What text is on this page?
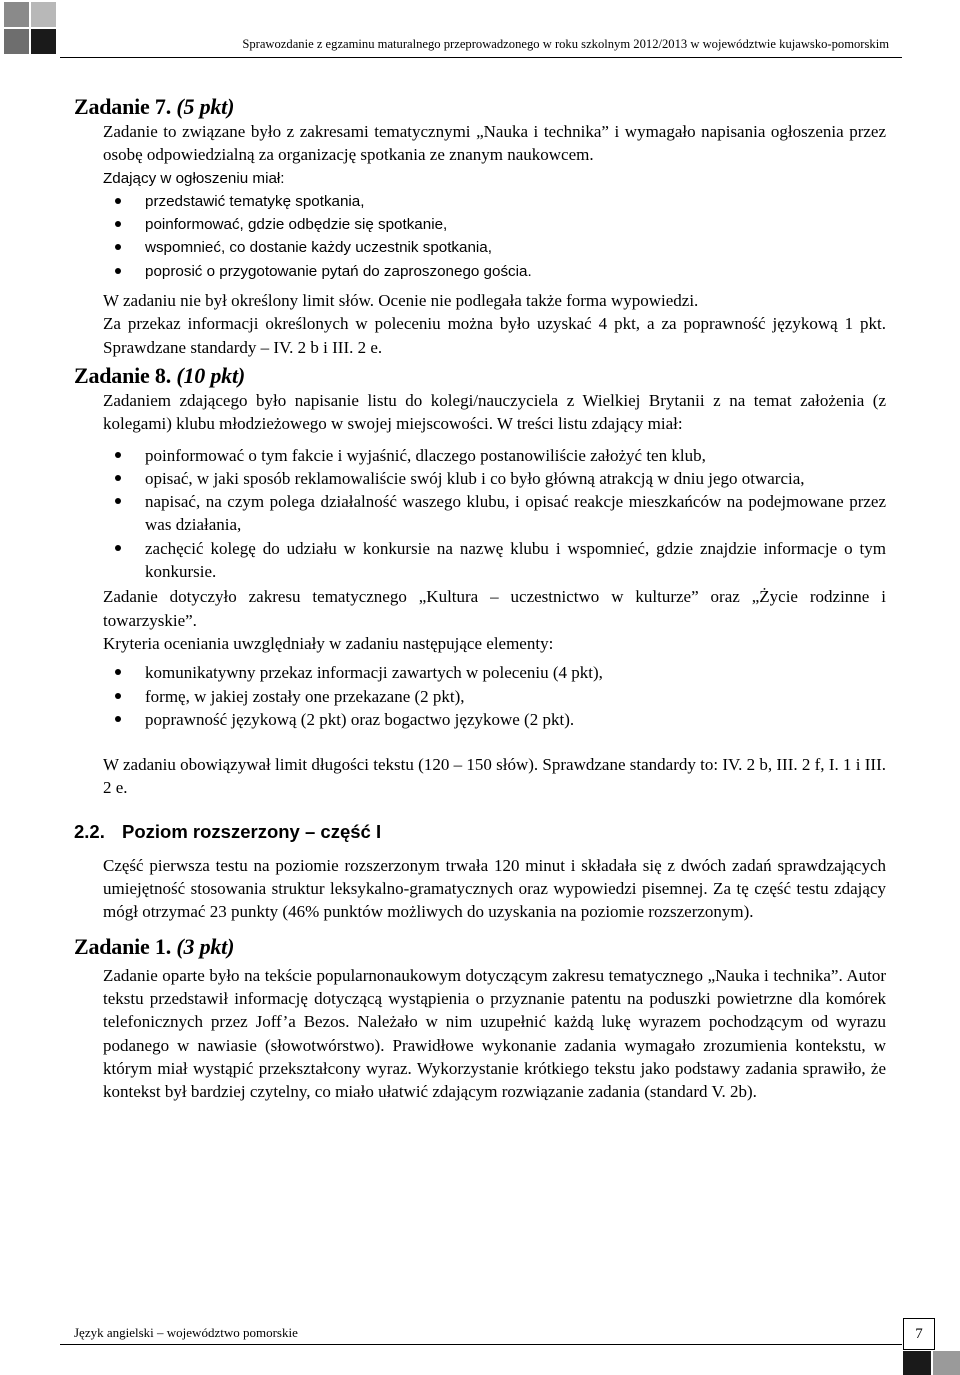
Sprawozdanie z egzaminu maturalnego przeprowadzonego w roku szkolnym 2012/2013 w województwie kujawsko-pomorskim
Zadanie 7. (5 pkt)

Zadanie to związane było z zakresami tematycznymi „Nauka i technika” i wymagało napisania ogłoszenia przez osobę odpowiedzialną za organizację spotkania ze znanym naukowcem.

Zdający w ogłoszeniu miał:

przedstawić tematykę spotkania,
poinformować, gdzie odbędzie się spotkanie,
wspomnieć, co dostanie każdy uczestnik spotkania,
poprosić o przygotowanie pytań do zaproszonego gościa.

W zadaniu nie był określony limit słów. Ocenie nie podlegała także forma wypowiedzi.

Za przekaz informacji określonych w poleceniu można było uzyskać 4 pkt, a za poprawność językową 1 pkt. Sprawdzane standardy – IV. 2 b i III. 2 e.

Zadanie 8. (10 pkt)

Zadaniem zdającego było napisanie listu do kolegi/nauczyciela z Wielkiej Brytanii z na temat założenia (z kolegami) klubu młodzieżowego w swojej miejscowości. W treści listu zdający miał:

poinformować o tym fakcie i wyjaśnić, dlaczego postanowiliście założyć ten klub,
opisać, w jaki sposób reklamowaliście swój klub i co było główną atrakcją w dniu jego otwarcia,
napisać, na czym polega działalność waszego klubu, i opisać reakcje mieszkańców na podejmowane przez was działania,
zachęcić kolegę do udziału w konkursie na nazwę klubu i wspomnieć, gdzie znajdzie informacje o tym konkursie.

Zadanie dotyczyło zakresu tematycznego „Kultura – uczestnictwo w kulturze” oraz „Życie rodzinne i towarzyskie”.

Kryteria oceniania uwzględniały w zadaniu następujące elementy:

komunikatywny przekaz informacji zawartych w poleceniu (4 pkt),
formę, w jakiej zostały one przekazane (2 pkt),
poprawność językową (2 pkt) oraz bogactwo językowe (2 pkt).

W zadaniu obowiązywał limit długości tekstu (120 – 150 słów). Sprawdzane standardy to: IV. 2 b, III. 2 f, I. 1 i III. 2 e.

2.2. Poziom rozszerzony – część I

Część pierwsza testu na poziomie rozszerzonym trwała 120 minut i składała się z dwóch zadań sprawdzających umiejętność stosowania struktur leksykalno-gramatycznych oraz wypowiedzi pisemnej. Za tę część testu zdający mógł otrzymać 23 punkty (46% punktów możliwych do uzyskania na poziomie rozszerzonym).

Zadanie 1. (3 pkt)

Zadanie oparte było na tekście popularnonaukowym dotyczącym zakresu tematycznego „Nauka i technika”. Autor tekstu przedstawił informację dotyczącą wystąpienia o przyznanie patentu na poduszki powietrzne dla komórek telefonicznych przez Joff’a Bezos. Należało w nim uzupełnić każdą lukę wyrazem pochodzącym od wyrazu podanego w nawiasie (słowotwórstwo). Prawidłowe wykonanie zadania wymagało zrozumienia kontekstu, w którym miał wystąpić przekształcony wyraz. Wykorzystanie krótkiego tekstu jako podstawy zadania sprawiło, że kontekst był bardziej czytelny, co miało ułatwić zdającym rozwiązanie zadania (standard V. 2b).

Język angielski – województwo pomorskie	7
